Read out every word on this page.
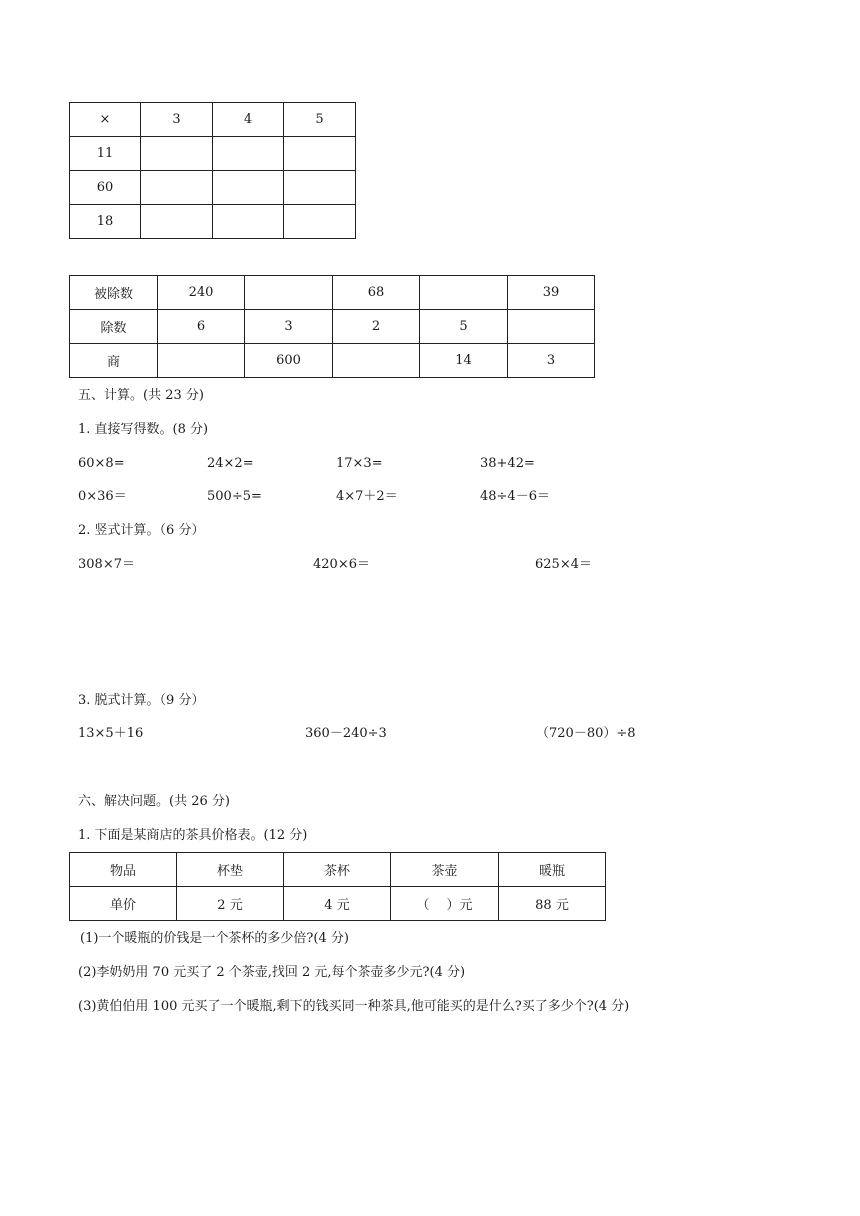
×	3	4	5
11			
60			
18			
被除数	240		68		39
除数	6	3	2	5	
商		600		14	3
五、计算。(共 23 分)
1. 直接写得数。(8 分)
60×8=	24×2=	17×3=	38+42=
0×36＝	500÷5=	4×7＋2＝	48÷4－6＝
2. 竖式计算。（6 分）
308×7＝	420×6＝	625×4＝
3. 脱式计算。（9 分）
13×5＋16	360－240÷3	（720－80）÷8
六、解决问题。(共 26 分)
1. 下面是某商店的茶具价格表。(12 分)
物品	杯垫	茶杯	茶壶	暖瓶
单价	2 元	4 元	（　 ）元	88 元
(1)一个暖瓶的价钱是一个茶杯的多少倍?(4 分)
(2)李奶奶用 70 元买了 2 个茶壶,找回 2 元,每个茶壶多少元?(4 分)
(3)黄伯伯用 100 元买了一个暖瓶,剩下的钱买同一种茶具,他可能买的是什么?买了多少个?(4 分)
